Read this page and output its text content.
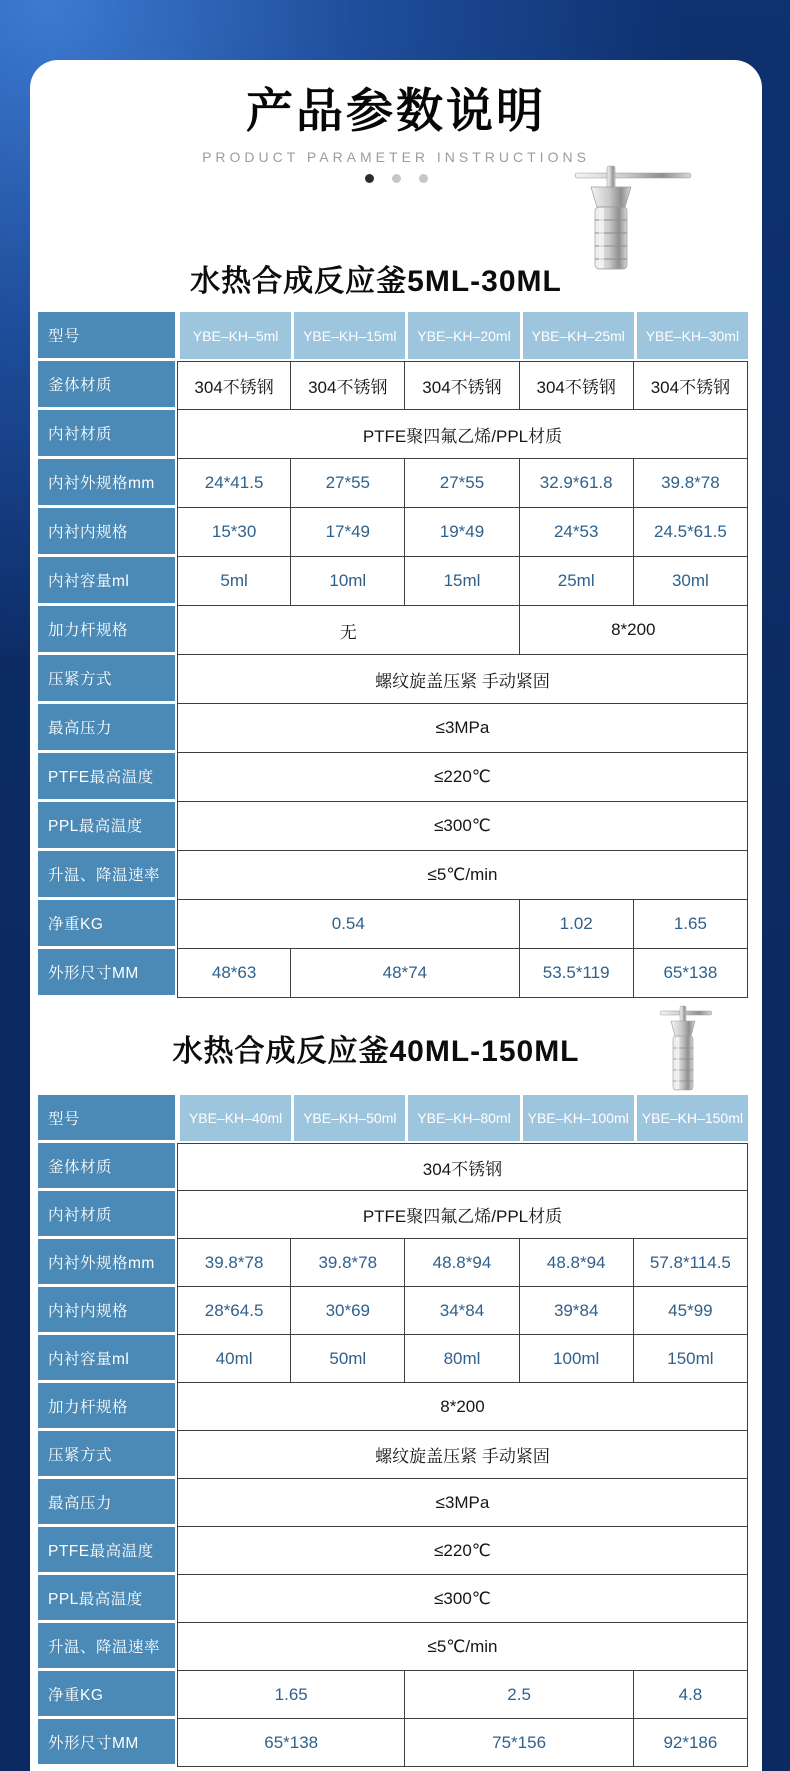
产品参数说明
PRODUCT PARAMETER INSTRUCTIONS
水热合成反应釜5ML-30ML
型号	YBE–KH–5ml	YBE–KH–15ml	YBE–KH–20ml	YBE–KH–25ml	YBE–KH–30ml
釜体材质	304不锈钢	304不锈钢	304不锈钢	304不锈钢	304不锈钢
内衬材质	PTFE聚四氟乙烯/PPL材质
内衬外规格mm	24*41.5	27*55	27*55	32.9*61.8	39.8*78
内衬内规格	15*30	17*49	19*49	24*53	24.5*61.5
内衬容量ml	5ml	10ml	15ml	25ml	30ml
加力杆规格	无	8*200
压紧方式	螺纹旋盖压紧 手动紧固
最高压力	≤3MPa
PTFE最高温度	≤220℃
PPL最高温度	≤300℃
升温、降温速率	≤5℃/min
净重KG	0.54	1.02	1.65
外形尺寸MM	48*63	48*74	53.5*119	65*138
水热合成反应釜40ML-150ML
型号	YBE–KH–40ml	YBE–KH–50ml	YBE–KH–80ml	YBE–KH–100ml YBE–KH–150ml
釜体材质	304不锈钢
内衬材质	PTFE聚四氟乙烯/PPL材质
内衬外规格mm	39.8*78	39.8*78	48.8*94	48.8*94	57.8*114.5
内衬内规格	28*64.5	30*69	34*84	39*84	45*99
内衬容量ml	40ml	50ml	80ml	100ml	150ml
加力杆规格	8*200
压紧方式	螺纹旋盖压紧 手动紧固
最高压力	≤3MPa
PTFE最高温度	≤220℃
PPL最高温度	≤300℃
升温、降温速率	≤5℃/min
净重KG	1.65	2.5	4.8
外形尺寸MM	65*138	75*156	92*186
